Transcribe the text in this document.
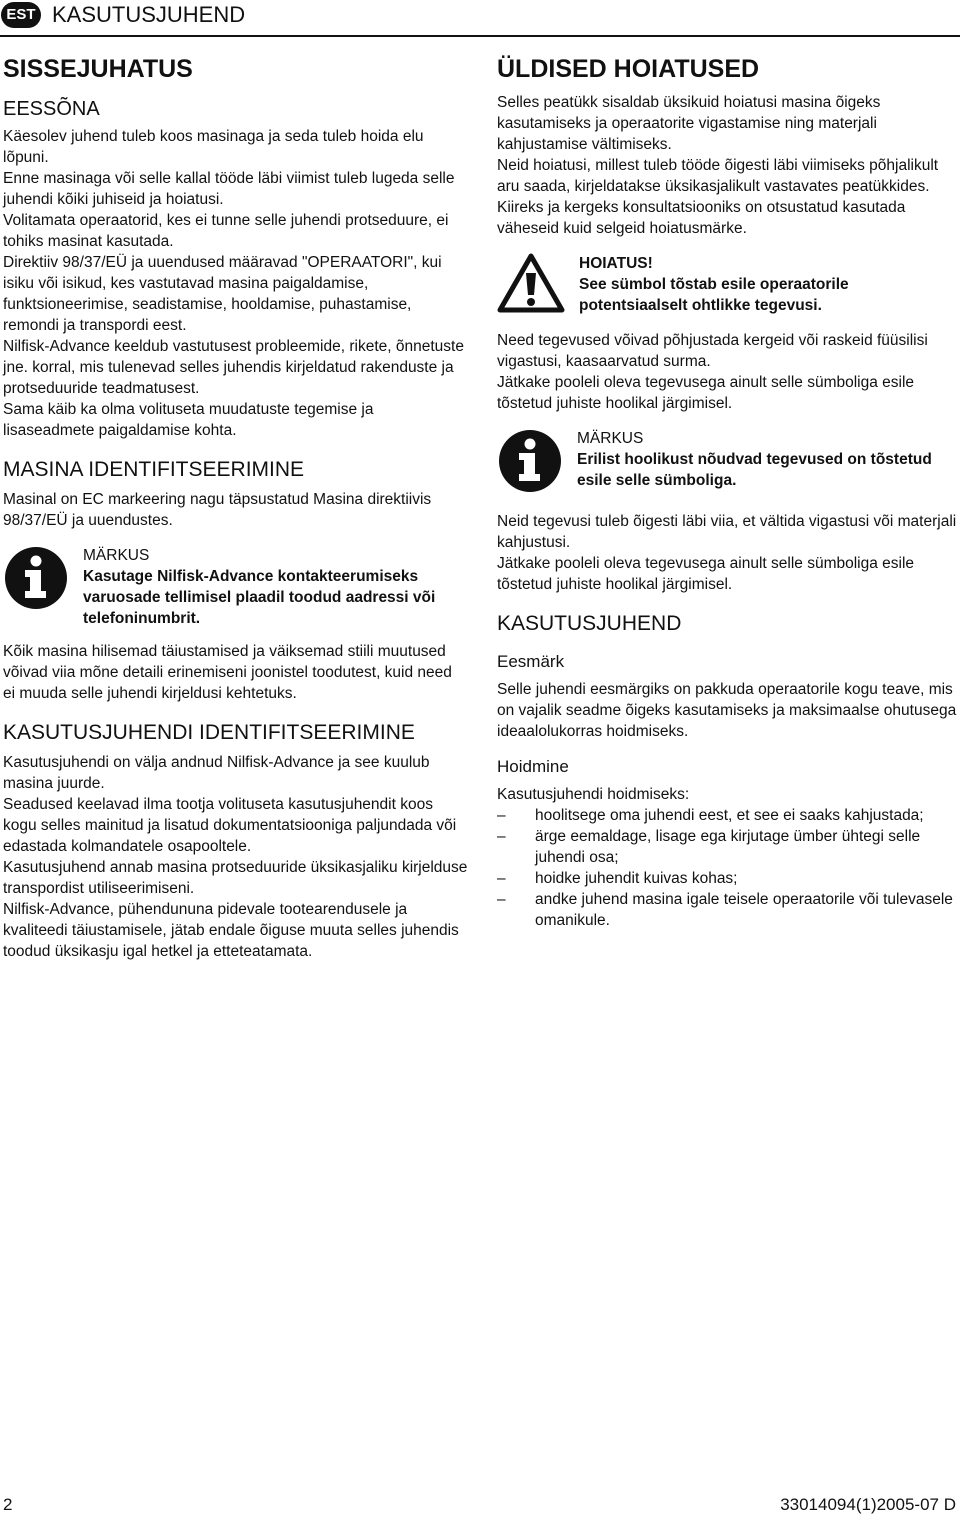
EST KASUTUSJUHEND
SISSEJUHATUS
EESSÕNA

Käesolev juhend tuleb koos masinaga ja seda tuleb hoida elu lõpuni.

Enne masinaga või selle kallal tööde läbi viimist tuleb lugeda selle juhendi kõiki juhiseid ja hoiatusi.

Volitamata operaatorid, kes ei tunne selle juhendi protseduure, ei tohiks masinat kasutada.

Direktiiv 98/37/EÜ ja uuendused määravad "OPERAATORI", kui isiku või isikud, kes vastutavad masina paigaldamise, funktsioneerimise, seadistamise, hooldamise, puhastamise, remondi ja transpordi eest.

Nilfisk-Advance keeldub vastutusest probleemide, rikete, õnnetuste jne. korral, mis tulenevad selles juhendis kirjeldatud rakenduste ja protseduuride teadmatusest.

Sama käib ka olma volituseta muudatuste tegemise ja lisaseadmete paigaldamise kohta.

MASINA IDENTIFITSEERIMINE

Masinal on EC markeering nagu täpsustatud Masina direktiivis 98/37/EÜ ja uuendustes.

MÄRKUS
Kasutage Nilfisk-Advance kontakteerumiseks varuosade tellimisel plaadil toodud aadressi või telefoninumbrit.

Kõik masina hilisemad täiustamised ja väiksemad stiili muutused võivad viia mõne detaili erinemiseni joonistel toodutest, kuid need ei muuda selle juhendi kirjeldusi kehtetuks.

KASUTUSJUHENDI IDENTIFITSEERIMINE

Kasutusjuhendi on välja andnud Nilfisk-Advance ja see kuulub masina juurde.

Seadused keelavad ilma tootja volituseta kasutusjuhendit koos kogu selles mainitud ja lisatud dokumentatsiooniga paljundada või edastada kolmandatele osapooltele.

Kasutusjuhend annab masina protseduuride üksikasjaliku kirjelduse transpordist utiliseerimiseni.

Nilfisk-Advance, pühendununa pidevale tootearendusele ja kvaliteedi täiustamisele, jätab endale õiguse muuta selles juhendis toodud üksikasju igal hetkel ja etteteatamata.

ÜLDISED HOIATUSED

Selles peatükk sisaldab üksikuid hoiatusi masina õigeks kasutamiseks ja operaatorite vigastamise ning materjali kahjustamise vältimiseks.

Neid hoiatusi, millest tuleb tööde õigesti läbi viimiseks põhjalikult aru saada, kirjeldatakse üksikasjalikult vastavates peatükkides.

Kiireks ja kergeks konsultatsiooniks on otsustatud kasutada väheseid kuid selgeid hoiatusmärke.

HOIATUS!
See sümbol tõstab esile operaatorile potentsiaalselt ohtlikke tegevusi.

Need tegevused võivad põhjustada kergeid või raskeid füüsilisi vigastusi, kaasaarvatud surma.

Jätkake pooleli oleva tegevusega ainult selle sümboliga esile tõstetud juhiste hoolikal järgimisel.

MÄRKUS
Erilist hoolikust nõudvad tegevused on tõstetud esile selle sümboliga.

Neid tegevusi tuleb õigesti läbi viia, et vältida vigastusi või materjali kahjustusi.

Jätkake pooleli oleva tegevusega ainult selle sümboliga esile tõstetud juhiste hoolikal järgimisel.

KASUTUSJUHEND
Eesmärk

Selle juhendi eesmärgiks on pakkuda operaatorile kogu teave, mis on vajalik seadme õigeks kasutamiseks ja maksimaalse ohutusega ideaalolukorras hoidmiseks.

Hoidmine

Kasutusjuhendi hoidmiseks:

– hoolitsege oma juhendi eest, et see ei saaks kahjustada;
– ärge eemaldage, lisage ega kirjutage ümber ühtegi selle juhendi osa;
– hoidke juhendit kuivas kohas;
– andke juhend masina igale teisele operaatorile või tulevasele omanikule.
2	33014094(1)2005-07 D
